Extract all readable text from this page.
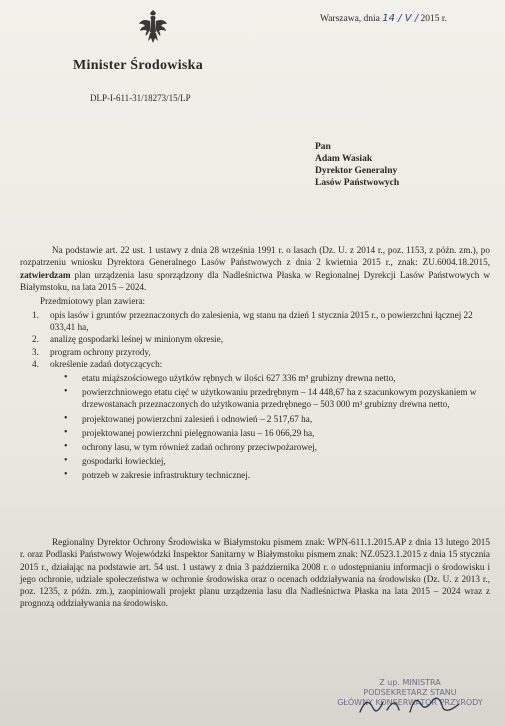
Warszawa, dnia 14 / V / 2015 r.
Minister Środowiska
DLP-I-611-31/18273/15/LP
Pan
Adam Wasiak
Dyrektor Generalny
Lasów Państwowych
Na podstawie art. 22 ust. 1 ustawy z dnia 28 września 1991 r. o lasach (Dz. U. z 2014 r., poz. 1153, z późn. zm.), po rozpatrzeniu wniosku Dyrektora Generalnego Lasów Państwowych z dnia 2 kwietnia 2015 r., znak: ZU.6004.18.2015, zatwierdzam plan urządzenia lasu sporządzony dla Nadleśnictwa Płaska w Regionalnej Dyrekcji Lasów Państwowych w Białymstoku, na lata 2015 – 2024.
Przedmiotowy plan zawiera:
1. opis lasów i gruntów przeznaczonych do zalesienia, wg stanu na dzień 1 stycznia 2015 r., o powierzchni łącznej 22 033,41 ha,
2. analizę gospodarki leśnej w minionym okresie,
3. program ochrony przyrody,
4. określenie zadań dotyczących:
• etatu miąższościowego użytków rębnych w ilości 627 336 m³ grubizny drewna netto,
• powierzchniowego etatu cięć w użytkowaniu przedrębnym – 14 448,67 ha z szacunkowym pozyskaniem w drzewostanach przeznaczonych do użytkowania przedrębnego – 503 000 m³ grubizny drewna netto,
• projektowanej powierzchni zalesień i odnowień – 2 517,67 ha,
• projektowanej powierzchni pielęgnowania lasu – 16 066,29 ha,
• ochrony lasu, w tym również zadań ochrony przeciwpożarowej,
• gospodarki łowieckiej,
• potrzeb w zakresie infrastruktury technicznej.
Regionalny Dyrektor Ochrony Środowiska w Białymstoku pismem znak: WPN-611.1.2015.AP z dnia 13 lutego 2015 r. oraz Podlaski Państwowy Wojewódzki Inspektor Sanitarny w Białymstoku pismem znak: NZ.0523.1.2015 z dnia 15 stycznia 2015 r., działając na podstawie art. 54 ust. 1 ustawy z dnia 3 października 2008 r. o udostępnianiu informacji o środowisku i jego ochronie, udziale społeczeństwa w ochronie środowiska oraz o ocenach oddziaływania na środowisko (Dz. U. z 2013 r., poz. 1235, z późn. zm.), zaopiniowali projekt planu urządzenia lasu dla Nadleśnictwa Płaska na lata 2015 – 2024 wraz z prognozą oddziaływania na środowisko.
Z up. MINISTRA
PODSEKRETARZ STANU
GŁÓWNY KONSERWATOR PRZYRODY
